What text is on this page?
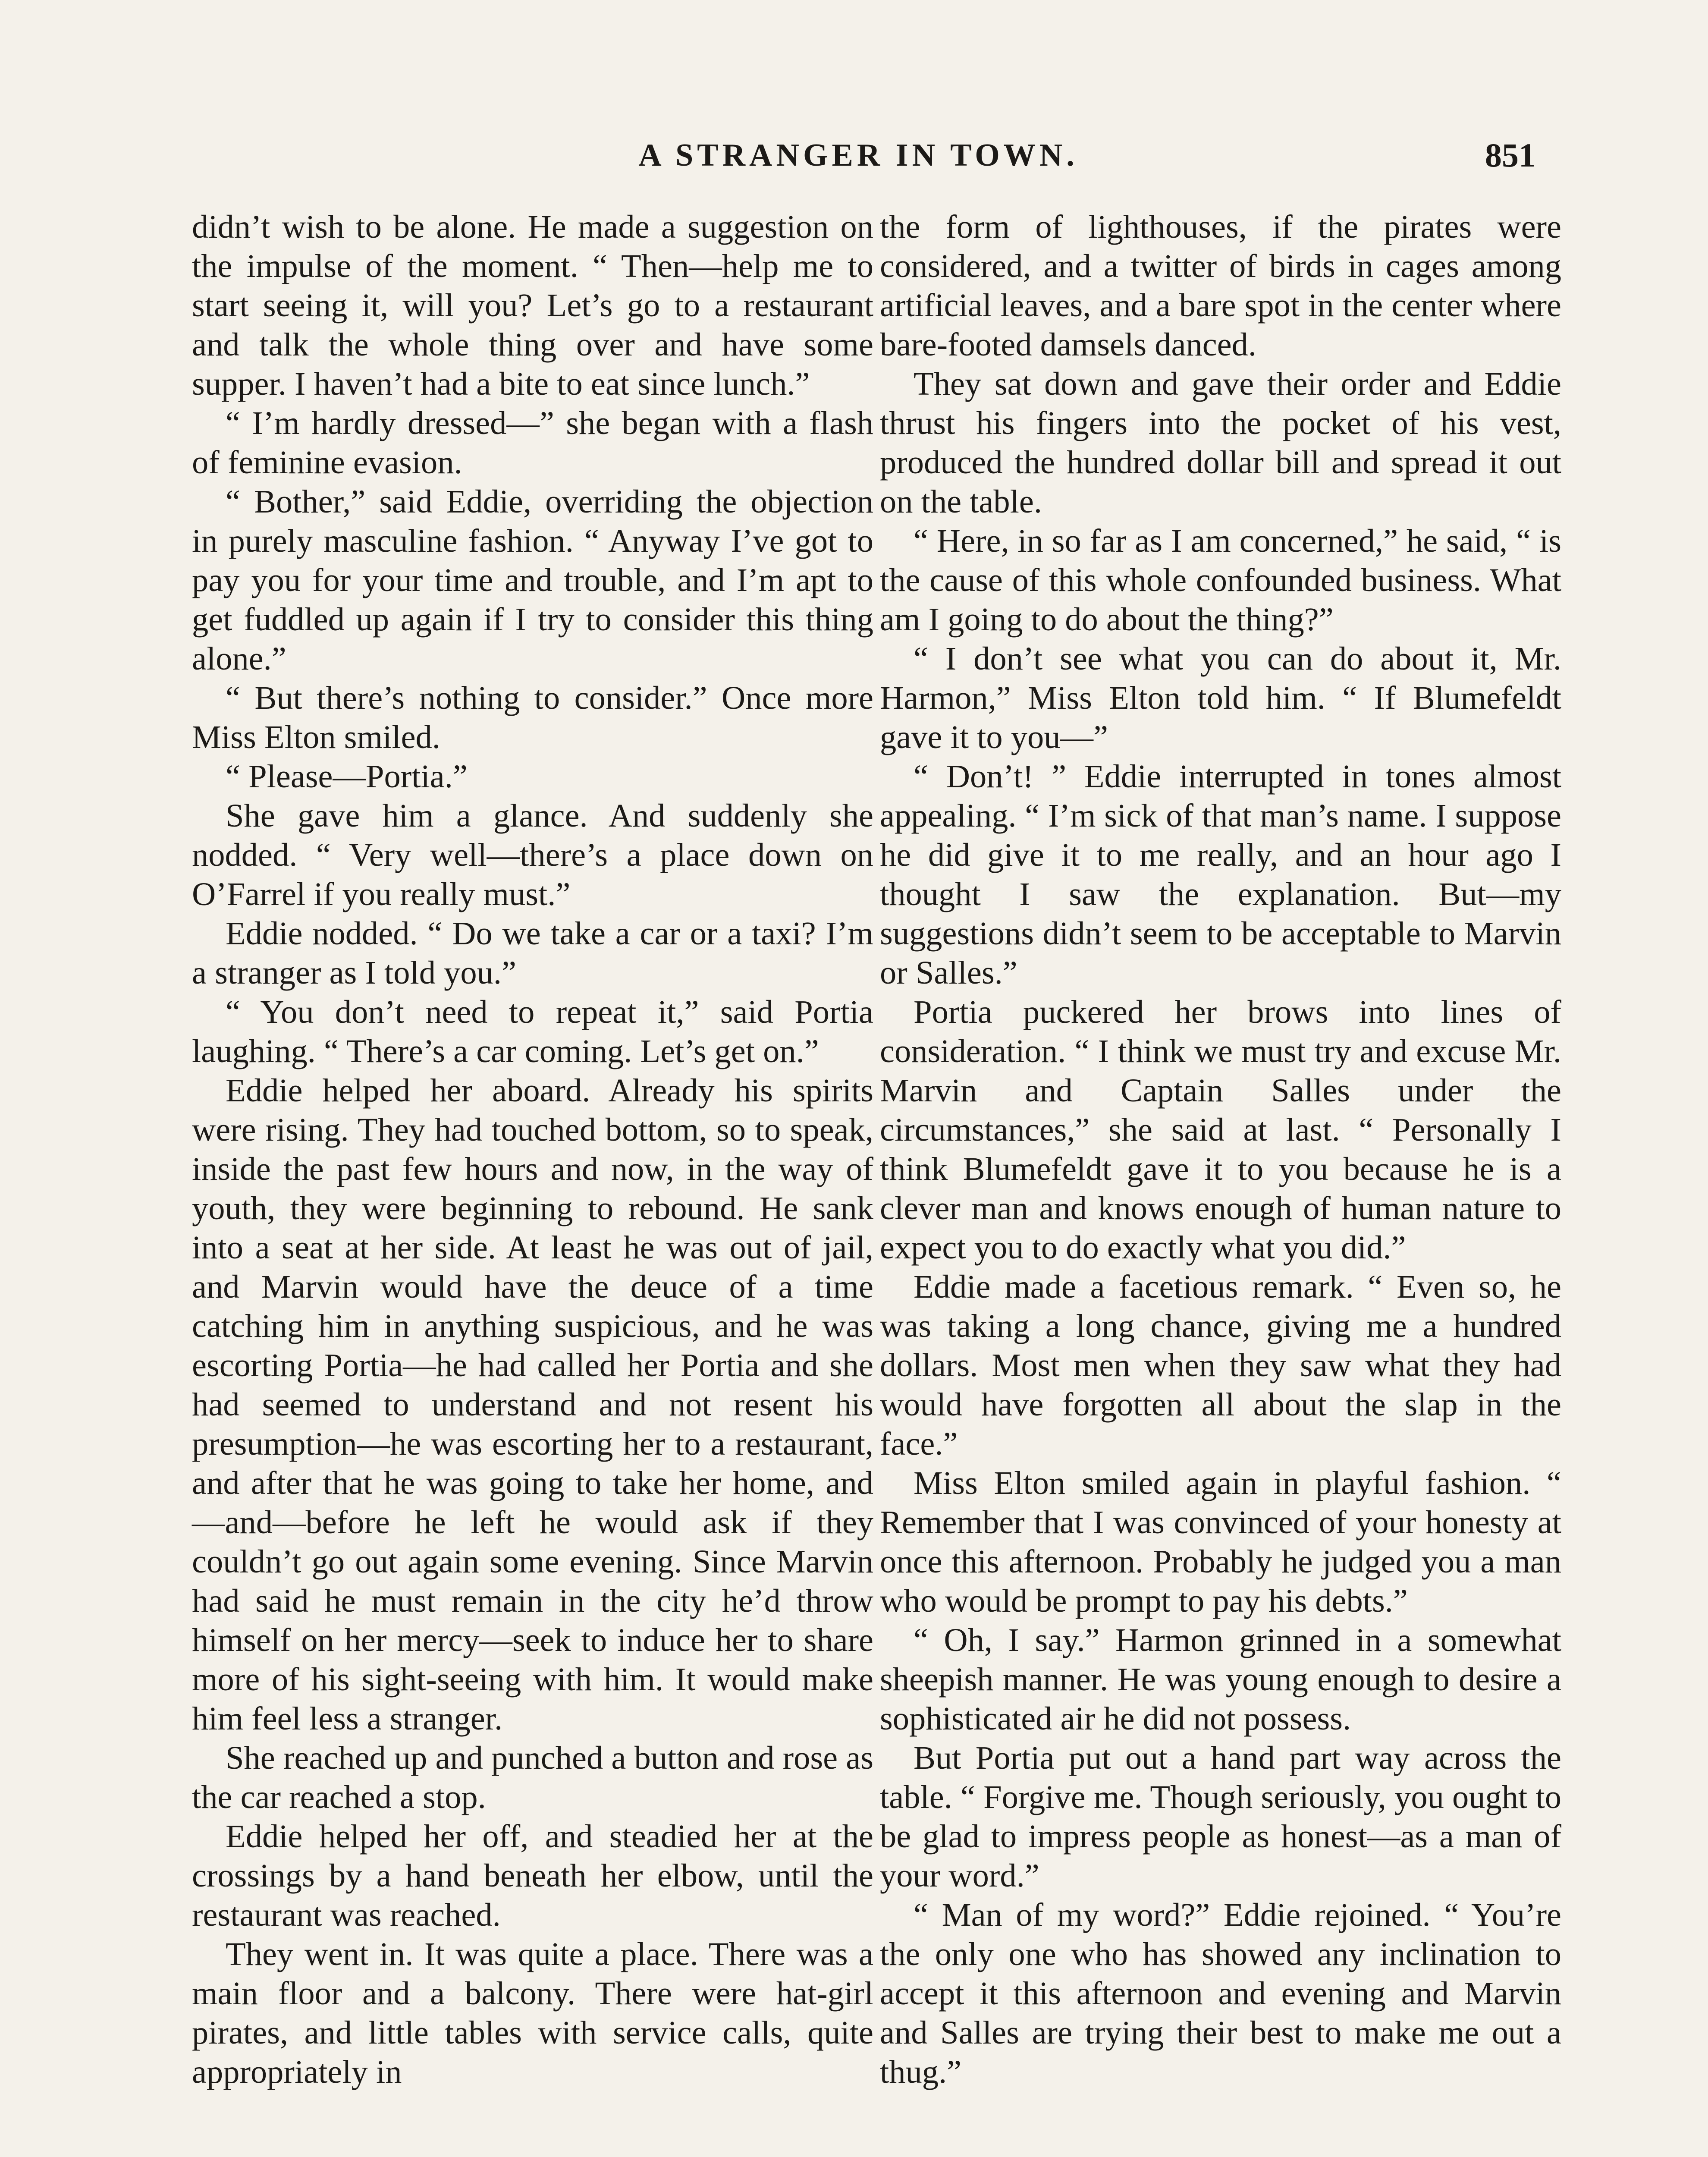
A STRANGER IN TOWN.	851

didn’t wish to be alone. He made a suggestion on the impulse of the moment. “ Then—help me to start seeing it, will you? Let’s go to a restaurant and talk the whole thing over and have some supper. I haven’t had a bite to eat since lunch.”

“ I’m hardly dressed—” she began with a flash of feminine evasion.

“ Bother,” said Eddie, overriding the objection in purely masculine fashion. “ Anyway I’ve got to pay you for your time and trouble, and I’m apt to get fuddled up again if I try to consider this thing alone.”

“ But there’s nothing to consider.” Once more Miss Elton smiled.

“ Please—Portia.”

She gave him a glance. And suddenly she nodded. “ Very well—there’s a place down on O’Farrel if you really must.”

Eddie nodded. “ Do we take a car or a taxi? I’m a stranger as I told you.”

“ You don’t need to repeat it,” said Portia laughing. “ There’s a car coming. Let’s get on.”

Eddie helped her aboard. Already his spirits were rising. They had touched bottom, so to speak, inside the past few hours and now, in the way of youth, they were beginning to rebound. He sank into a seat at her side. At least he was out of jail, and Marvin would have the deuce of a time catching him in anything suspicious, and he was escorting Portia—he had called her Portia and she had seemed to understand and not resent his presumption—he was escorting her to a restaurant, and after that he was going to take her home, and—and—before he left he would ask if they couldn’t go out again some evening. Since Marvin had said he must remain in the city he’d throw himself on her mercy—seek to induce her to share more of his sight-seeing with him. It would make him feel less a stranger.

She reached up and punched a button and rose as the car reached a stop.

Eddie helped her off, and steadied her at the crossings by a hand beneath her elbow, until the restaurant was reached.

They went in. It was quite a place. There was a main floor and a balcony. There were hat-girl pirates, and little tables with service calls, quite appropriately in

the form of lighthouses, if the pirates were considered, and a twitter of birds in cages among artificial leaves, and a bare spot in the center where bare-footed damsels danced.

They sat down and gave their order and Eddie thrust his fingers into the pocket of his vest, produced the hundred dollar bill and spread it out on the table.

“ Here, in so far as I am concerned,” he said, “ is the cause of this whole confounded business. What am I going to do about the thing?”

“ I don’t see what you can do about it, Mr. Harmon,” Miss Elton told him. “ If Blumefeldt gave it to you—”

“ Don’t! ” Eddie interrupted in tones almost appealing. “ I’m sick of that man’s name. I suppose he did give it to me really, and an hour ago I thought I saw the explanation. But—my suggestions didn’t seem to be acceptable to Marvin or Salles.”

Portia puckered her brows into lines of consideration. “ I think we must try and excuse Mr. Marvin and Captain Salles under the circumstances,” she said at last. “ Personally I think Blumefeldt gave it to you because he is a clever man and knows enough of human nature to expect you to do exactly what you did.”

Eddie made a facetious remark. “ Even so, he was taking a long chance, giving me a hundred dollars. Most men when they saw what they had would have forgotten all about the slap in the face.”

Miss Elton smiled again in playful fashion. “ Remember that I was convinced of your honesty at once this afternoon. Probably he judged you a man who would be prompt to pay his debts.”

“ Oh, I say.” Harmon grinned in a somewhat sheepish manner. He was young enough to desire a sophisticated air he did not possess.

But Portia put out a hand part way across the table. “ Forgive me. Though seriously, you ought to be glad to impress people as honest—as a man of your word.”

“ Man of my word?” Eddie rejoined. “ You’re the only one who has showed any inclination to accept it this afternoon and evening and Marvin and Salles are trying their best to make me out a thug.”
